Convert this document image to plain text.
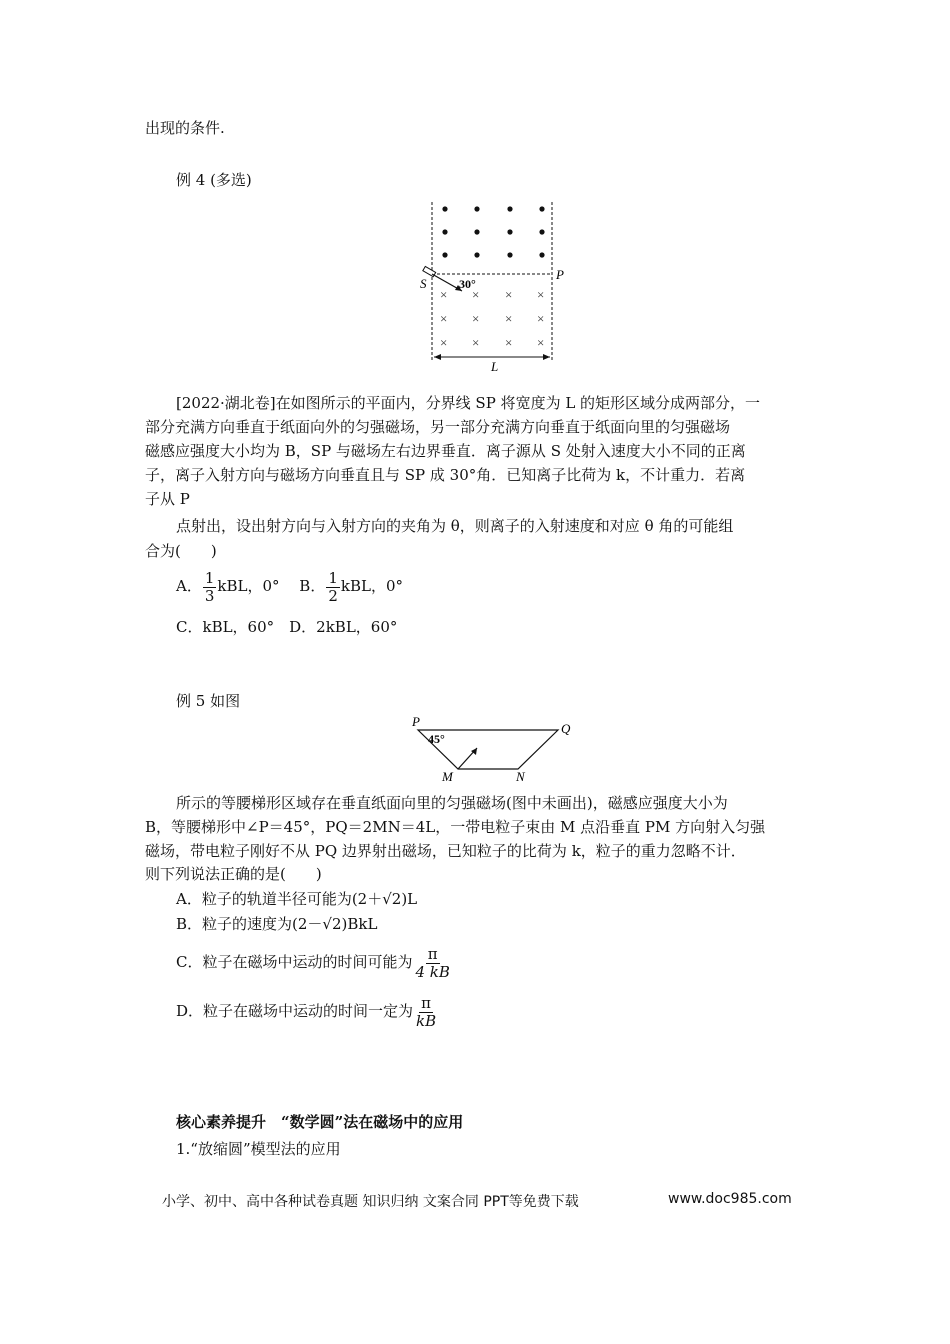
出现的条件.
例 4 (多选)
× × × ×
× × × ×
× × × ×
S
P
30°
L
[2022·湖北卷]在如图所示的平面内，分界线 SP 将宽度为 L 的矩形区域分成两部分，一
部分充满方向垂直于纸面向外的匀强磁场，另一部分充满方向垂直于纸面向里的匀强磁场
磁感应强度大小均为 B，SP 与磁场左右边界垂直．离子源从 S 处射入速度大小不同的正离
子，离子入射方向与磁场方向垂直且与 SP 成 30°角．已知离子比荷为 k，不计重力．若离
子从 P
点射出，设出射方向与入射方向的夹角为 θ，则离子的入射速度和对应 θ 角的可能组
合为(　　)
A． $\frac{1}{3}$ kBL，0°   B． $\frac{1}{2}$ kBL，0°
C．kBL，60°　D．2kBL，60°
例 5 如图
P	Q
M	N
45°
所示的等腰梯形区域存在垂直纸面向里的匀强磁场(图中未画出)，磁感应强度大小为
B，等腰梯形中∠P＝45°，PQ＝2MN＝4L，一带电粒子束由 M 点沿垂直 PM 方向射入匀强
磁场，带电粒子刚好不从 PQ 边界射出磁场，已知粒子的比荷为 k，粒子的重力忽略不计．
则下列说法正确的是(　　)
A．粒子的轨道半径可能为(2＋√2)L
B．粒子的速度为(2－√2)BkL
C．粒子在磁场中运动的时间可能为 $\frac{\pi}{4 kB}$
D．粒子在磁场中运动的时间一定为 $\frac{\pi}{kB}$
核心素养提升　“数学圆”法在磁场中的应用
1.“放缩圆”模型法的应用
小学、初中、高中各种试卷真题 知识归纳 文案合同 PPT等免费下载	www.doc985.com
